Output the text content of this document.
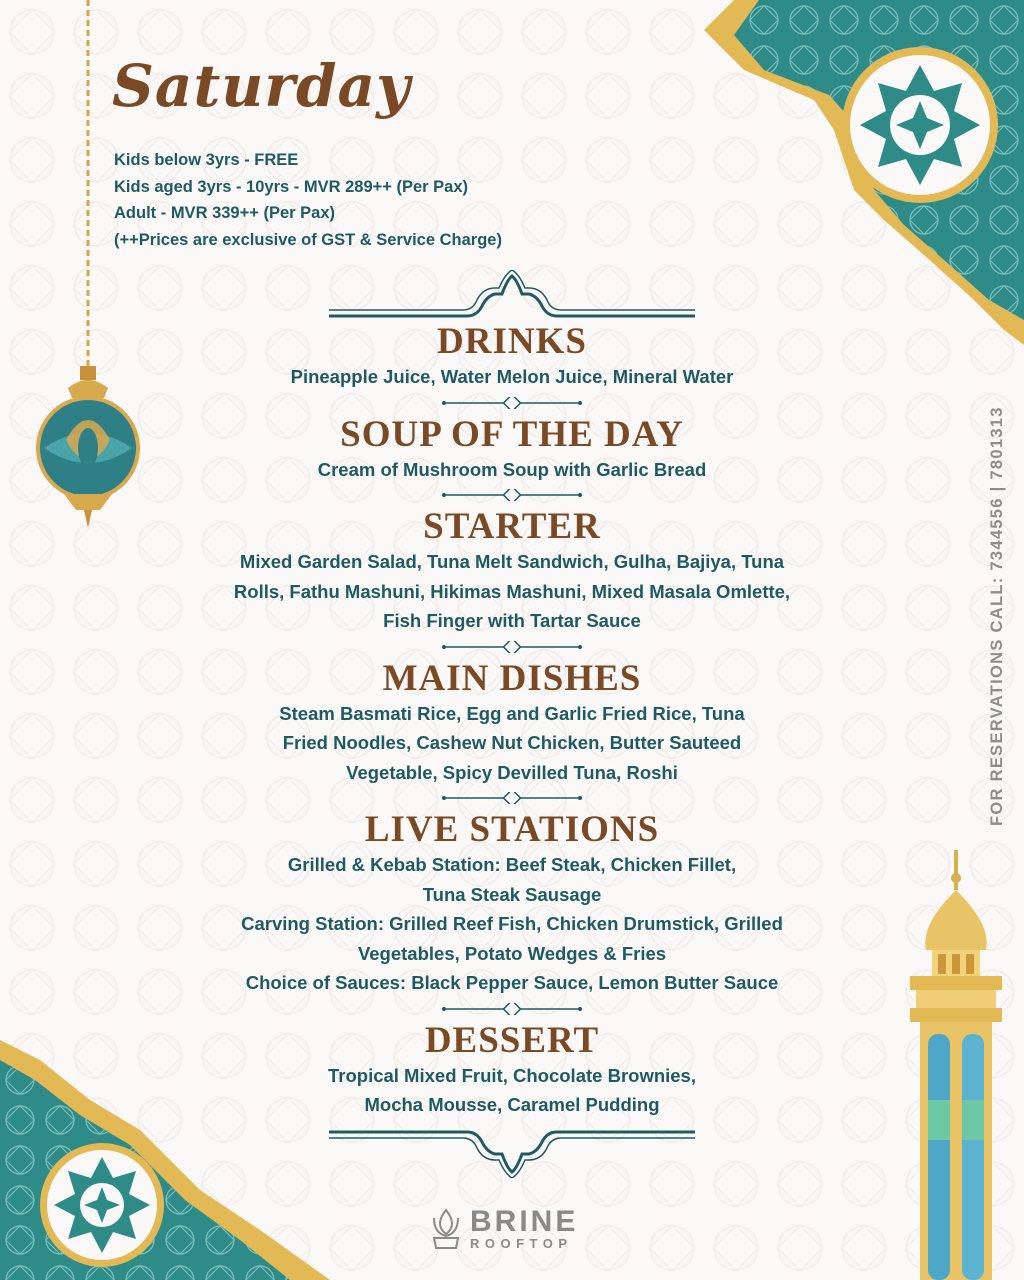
Saturday
Kids below 3yrs - FREE
Kids aged 3yrs - 10yrs - MVR 289++ (Per Pax)
Adult - MVR 339++ (Per Pax)
(++Prices are exclusive of GST & Service Charge)
DRINKS
Pineapple Juice, Water Melon Juice, Mineral Water
SOUP OF THE DAY
Cream of Mushroom Soup with Garlic Bread
STARTER
Mixed Garden Salad, Tuna Melt Sandwich, Gulha, Bajiya, Tuna
Rolls, Fathu Mashuni, Hikimas Mashuni, Mixed Masala Omlette,
Fish Finger with Tartar Sauce
MAIN DISHES
Steam Basmati Rice, Egg and Garlic Fried Rice, Tuna
Fried Noodles, Cashew Nut Chicken, Butter Sauteed
Vegetable, Spicy Devilled Tuna, Roshi
LIVE STATIONS
Grilled & Kebab Station: Beef Steak, Chicken Fillet,
Tuna Steak Sausage
Carving Station: Grilled Reef Fish, Chicken Drumstick, Grilled
Vegetables, Potato Wedges & Fries
Choice of Sauces: Black Pepper Sauce, Lemon Butter Sauce
DESSERT
Tropical Mixed Fruit, Chocolate Brownies,
Mocha Mousse, Caramel Pudding
FOR RESERVATIONS CALL: 7344556 | 7801313
BRINE
ROOFTOP
